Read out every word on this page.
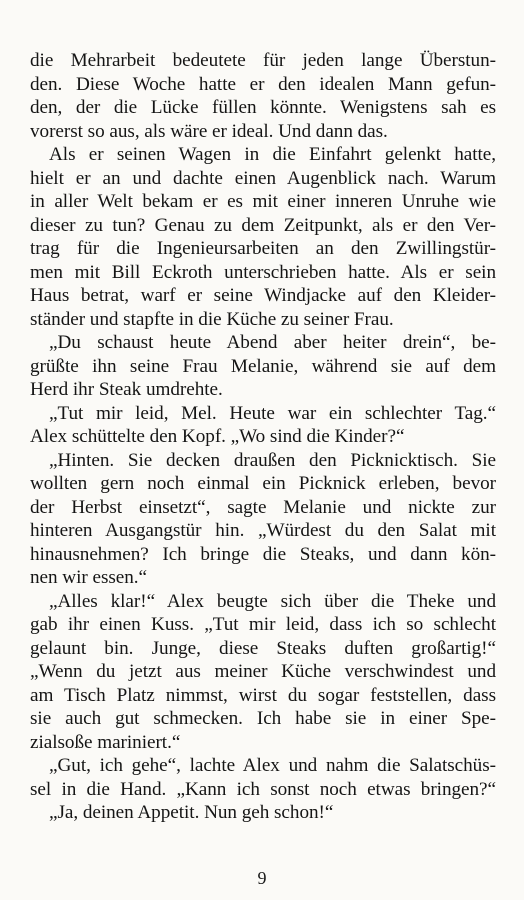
die Mehrarbeit bedeutete für jeden lange Überstun-
den. Diese Woche hatte er den idealen Mann gefun-
den, der die Lücke füllen könnte. Wenigstens sah es
vorerst so aus, als wäre er ideal. Und dann das.
Als er seinen Wagen in die Einfahrt gelenkt hatte,
hielt er an und dachte einen Augenblick nach. Warum
in aller Welt bekam er es mit einer inneren Unruhe wie
dieser zu tun? Genau zu dem Zeitpunkt, als er den Ver-
trag für die Ingenieursarbeiten an den Zwillingstür-
men mit Bill Eckroth unterschrieben hatte. Als er sein
Haus betrat, warf er seine Windjacke auf den Kleider-
ständer und stapfte in die Küche zu seiner Frau.
„Du schaust heute Abend aber heiter drein“, be-
grüßte ihn seine Frau Melanie, während sie auf dem
Herd ihr Steak umdrehte.
„Tut mir leid, Mel. Heute war ein schlechter Tag.“
Alex schüttelte den Kopf. „Wo sind die Kinder?“
„Hinten. Sie decken draußen den Picknicktisch. Sie
wollten gern noch einmal ein Picknick erleben, bevor
der Herbst einsetzt“, sagte Melanie und nickte zur
hinteren Ausgangstür hin. „Würdest du den Salat mit
hinausnehmen? Ich bringe die Steaks, und dann kön-
nen wir essen.“
„Alles klar!“ Alex beugte sich über die Theke und
gab ihr einen Kuss. „Tut mir leid, dass ich so schlecht
gelaunt bin. Junge, diese Steaks duften großartig!“
„Wenn du jetzt aus meiner Küche verschwindest und
am Tisch Platz nimmst, wirst du sogar feststellen, dass
sie auch gut schmecken. Ich habe sie in einer Spe-
zialsoße mariniert.“
„Gut, ich gehe“, lachte Alex und nahm die Salatschüs-
sel in die Hand. „Kann ich sonst noch etwas bringen?“
„Ja, deinen Appetit. Nun geh schon!“
9
